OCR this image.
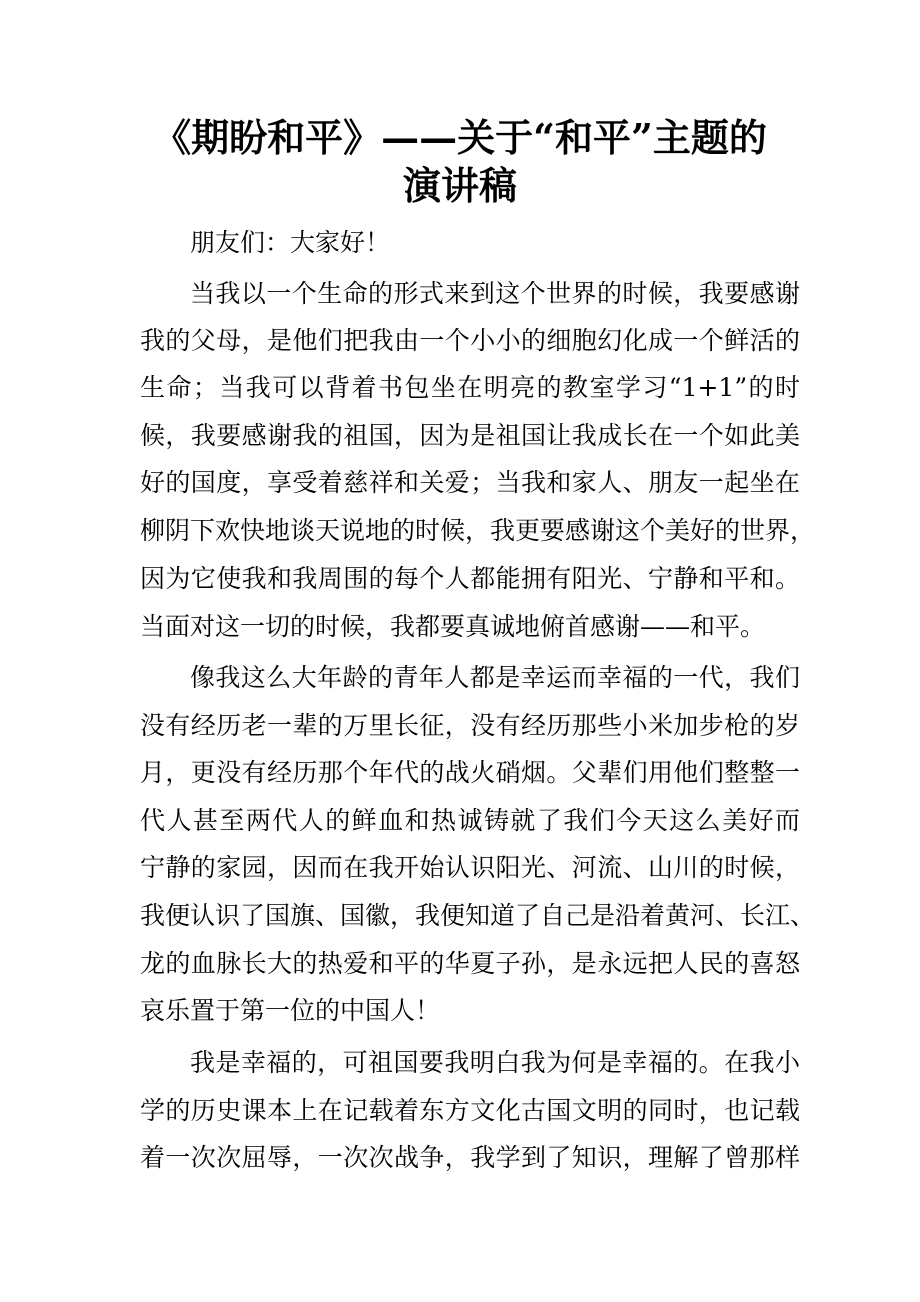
《期盼和平》——关于“和平”主题的
演讲稿
朋友们：大家好！
当我以一个生命的形式来到这个世界的时候，我要感谢
我的父母，是他们把我由一个小小的细胞幻化成一个鲜活的
生命；当我可以背着书包坐在明亮的教室学习“1+1”的时
候，我要感谢我的祖国，因为是祖国让我成长在一个如此美
好的国度，享受着慈祥和关爱；当我和家人、朋友一起坐在
柳阴下欢快地谈天说地的时候，我更要感谢这个美好的世界，
因为它使我和我周围的每个人都能拥有阳光、宁静和平和。
当面对这一切的时候，我都要真诚地俯首感谢——和平。
像我这么大年龄的青年人都是幸运而幸福的一代，我们
没有经历老一辈的万里长征，没有经历那些小米加步枪的岁
月，更没有经历那个年代的战火硝烟。父辈们用他们整整一
代人甚至两代人的鲜血和热诚铸就了我们今天这么美好而
宁静的家园，因而在我开始认识阳光、河流、山川的时候，
我便认识了国旗、国徽，我便知道了自己是沿着黄河、长江、
龙的血脉长大的热爱和平的华夏子孙，是永远把人民的喜怒
哀乐置于第一位的中国人！
我是幸福的，可祖国要我明白我为何是幸福的。在我小
学的历史课本上在记载着东方文化古国文明的同时，也记载
着一次次屈辱，一次次战争，我学到了知识，理解了曾那样
